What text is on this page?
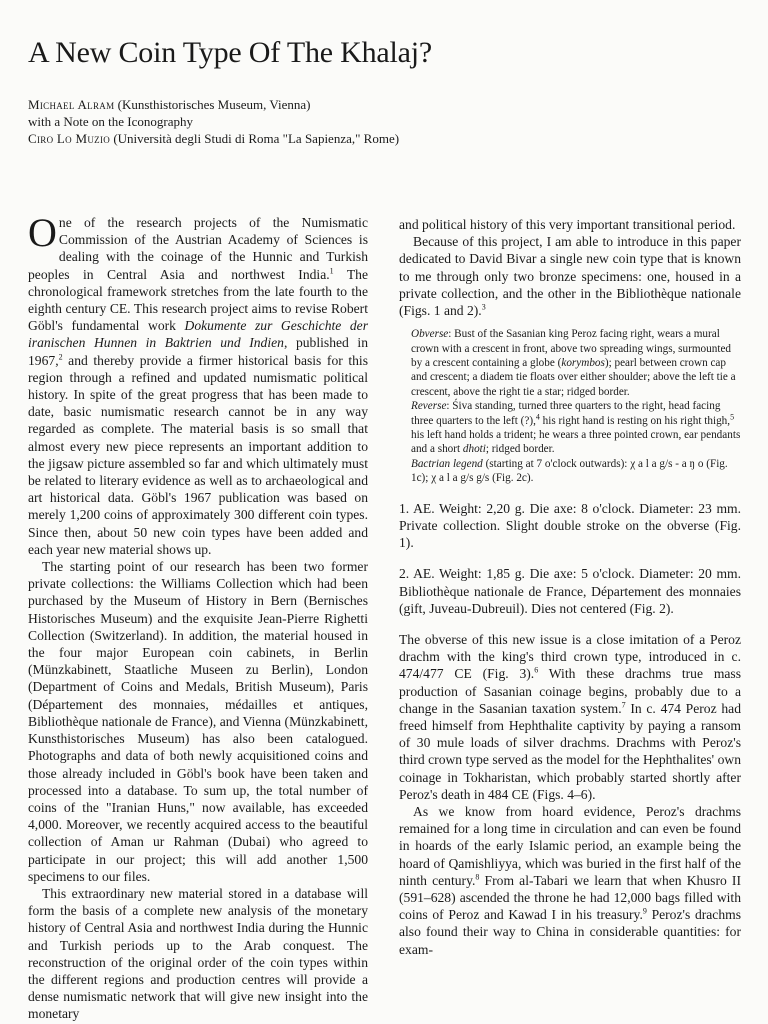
A New Coin Type Of The Khalaj?
Michael Alram (Kunsthistorisches Museum, Vienna)
with a Note on the Iconography
Ciro Lo Muzio (Università degli Studi di Roma "La Sapienza," Rome)

One of the research projects of the Numismatic Commission of the Austrian Academy of Sciences is dealing with the coinage of the Hunnic and Turkish peoples in Central Asia and northwest India.$^1$ The chronological framework stretches from the late fourth to the eighth century CE. This research project aims to revise Robert Göbl's fundamental work Dokumente zur Geschichte der iranischen Hunnen in Baktrien und Indien, published in 1967,$^2$ and thereby provide a firmer historical basis for this region through a refined and updated numismatic political history. In spite of the great progress that has been made to date, basic numismatic research cannot be in any way regarded as complete. The material basis is so small that almost every new piece represents an important addition to the jigsaw picture assembled so far and which ultimately must be related to literary evidence as well as to archaeological and art historical data. Göbl's 1967 publication was based on merely 1,200 coins of approximately 300 different coin types. Since then, about 50 new coin types have been added and each year new material shows up.

The starting point of our research has been two former private collections: the Williams Collection which had been purchased by the Museum of History in Bern (Bernisches Historisches Museum) and the exquisite Jean-Pierre Righetti Collection (Switzerland). In addition, the material housed in the four major European coin cabinets, in Berlin (Münzkabinett, Staatliche Museen zu Berlin), London (Department of Coins and Medals, British Museum), Paris (Département des monnaies, médailles et antiques, Bibliothèque nationale de France), and Vienna (Münzkabinett, Kunsthistorisches Museum) has also been catalogued. Photographs and data of both newly acquisitioned coins and those already included in Göbl's book have been taken and processed into a database. To sum up, the total number of coins of the "Iranian Huns," now available, has exceeded 4,000. Moreover, we recently acquired access to the beautiful collection of Aman ur Rahman (Dubai) who agreed to participate in our project; this will add another 1,500 specimens to our files.

This extraordinary new material stored in a database will form the basis of a complete new analysis of the monetary history of Central Asia and northwest India during the Hunnic and Turkish periods up to the Arab conquest. The reconstruction of the original order of the coin types within the different regions and production centres will provide a dense numismatic network that will give new insight into the monetary

and political history of this very important transitional period.

Because of this project, I am able to introduce in this paper dedicated to David Bivar a single new coin type that is known to me through only two bronze specimens: one, housed in a private collection, and the other in the Bibliothèque nationale (Figs. 1 and 2).$^3$

Obverse: Bust of the Sasanian king Peroz facing right, wears a mural crown with a crescent in front, above two spreading wings, surmounted by a crescent containing a globe (korymbos); pearl between crown cap and crescent; a diadem tie floats over either shoulder; above the left tie a crescent, above the right tie a star; ridged border.

Reverse: Śiva standing, turned three quarters to the right, head facing three quarters to the left (?),$^4$ his right hand is resting on his right thigh,$^5$ his left hand holds a trident; he wears a three pointed crown, ear pendants and a short dhoti; ridged border.

Bactrian legend (starting at 7 o'clock outwards): χ a l a g/s - a ŋ o (Fig. 1c); χ a l a g/s g/s (Fig. 2c).

1. AE. Weight: 2,20 g. Die axe: 8 o'clock. Diameter: 23 mm. Private collection. Slight double stroke on the obverse (Fig. 1).

2. AE. Weight: 1,85 g. Die axe: 5 o'clock. Diameter: 20 mm. Bibliothèque nationale de France, Département des monnaies (gift, Juveau-Dubreuil). Dies not centered (Fig. 2).

The obverse of this new issue is a close imitation of a Peroz drachm with the king's third crown type, introduced in c. 474/477 CE (Fig. 3).$^6$ With these drachms true mass production of Sasanian coinage begins, probably due to a change in the Sasanian taxation system.$^7$ In c. 474 Peroz had freed himself from Hephthalite captivity by paying a ransom of 30 mule loads of silver drachms. Drachms with Peroz's third crown type served as the model for the Hephthalites' own coinage in Tokharistan, which probably started shortly after Peroz's death in 484 CE (Figs. 4–6).

As we know from hoard evidence, Peroz's drachms remained for a long time in circulation and can even be found in hoards of the early Islamic period, an example being the hoard of Qamishliyya, which was buried in the first half of the ninth century.$^8$ From al-Tabari we learn that when Khusro II (591–628) ascended the throne he had 12,000 bags filled with coins of Peroz and Kawad I in his treasury.$^9$ Peroz's drachms also found their way to China in considerable quantities: for exam-
